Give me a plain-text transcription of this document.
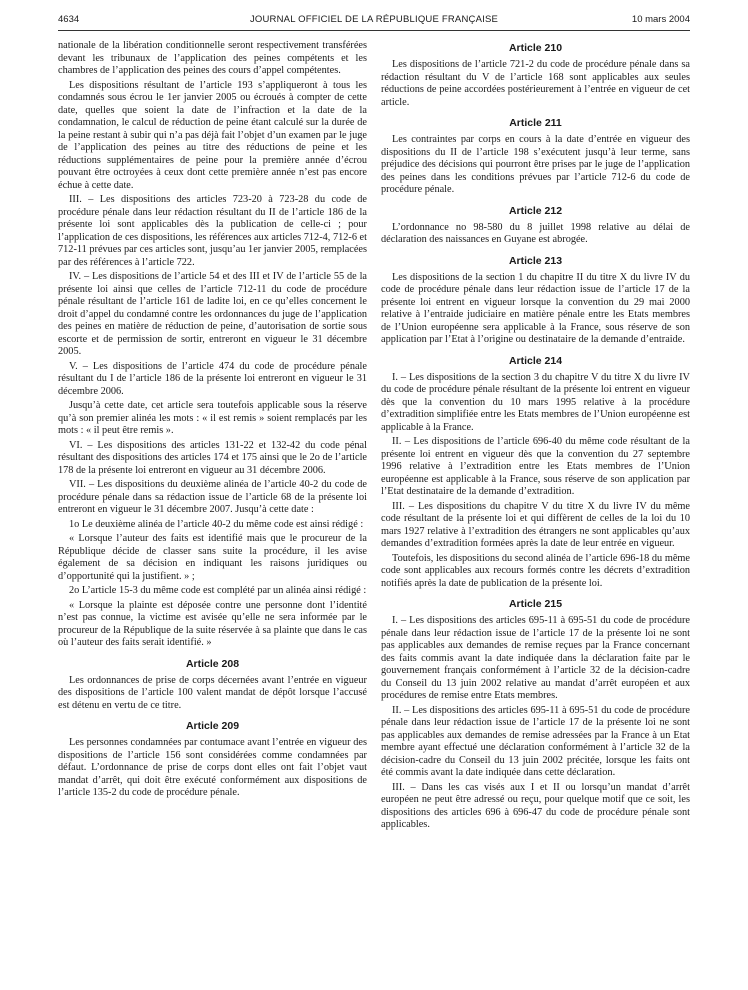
4634	JOURNAL OFFICIEL DE LA RÉPUBLIQUE FRANÇAISE	10 mars 2004

nationale de la libération conditionnelle seront respectivement transférées devant les tribunaux de l’application des peines compétents et les chambres de l’application des peines des cours d’appel compétentes.

Les dispositions résultant de l’article 193 s’appliqueront à tous les condamnés sous écrou le 1er janvier 2005 ou écroués à compter de cette date, quelles que soient la date de l’infraction et la date de la condamnation, le calcul de réduction de peine étant calculé sur la durée de la peine restant à subir qui n’a pas déjà fait l’objet d’un examen par le juge de l’application des peines au titre des réductions de peine et les réductions supplémentaires de peine pour la première année d’écrou pouvant être octroyées à ceux dont cette première année n’est pas encore échue à cette date.

III. – Les dispositions des articles 723-20 à 723-28 du code de procédure pénale dans leur rédaction résultant du II de l’article 186 de la présente loi sont applicables dès la publication de celle-ci ; pour l’application de ces dispositions, les références aux articles 712-4, 712-6 et 712-11 prévues par ces articles sont, jusqu’au 1er janvier 2005, remplacées par des références à l’article 722.

IV. – Les dispositions de l’article 54 et des III et IV de l’article 55 de la présente loi ainsi que celles de l’article 712-11 du code de procédure pénale résultant de l’article 161 de ladite loi, en ce qu’elles concernent le droit d’appel du condamné contre les ordonnances du juge de l’application des peines en matière de réduction de peine, d’autorisation de sortie sous escorte et de permission de sortir, entreront en vigueur le 31 décembre 2005.

V. – Les dispositions de l’article 474 du code de procédure pénale résultant du I de l’article 186 de la présente loi entreront en vigueur le 31 décembre 2006.

Jusqu’à cette date, cet article sera toutefois applicable sous la réserve qu’à son premier alinéa les mots : « il est remis » soient remplacés par les mots : « il peut être remis ».

VI. – Les dispositions des articles 131-22 et 132-42 du code pénal résultant des dispositions des articles 174 et 175 ainsi que le 2o de l’article 178 de la présente loi entreront en vigueur au 31 décembre 2006.

VII. – Les dispositions du deuxième alinéa de l’article 40-2 du code de procédure pénale dans sa rédaction issue de l’article 68 de la présente loi entreront en vigueur le 31 décembre 2007. Jusqu’à cette date :

1o Le deuxième alinéa de l’article 40-2 du même code est ainsi rédigé :

« Lorsque l’auteur des faits est identifié mais que le procureur de la République décide de classer sans suite la procédure, il les avise également de sa décision en indiquant les raisons juridiques ou d’opportunité qui la justifient. » ;

2o L’article 15-3 du même code est complété par un alinéa ainsi rédigé :

« Lorsque la plainte est déposée contre une personne dont l’identité n’est pas connue, la victime est avisée qu’elle ne sera informée par le procureur de la République de la suite réservée à sa plainte que dans le cas où l’auteur des faits serait identifié. »

Article 208

Les ordonnances de prise de corps décernées avant l’entrée en vigueur des dispositions de l’article 100 valent mandat de dépôt lorsque l’accusé est détenu en vertu de ce titre.

Article 209

Les personnes condamnées par contumace avant l’entrée en vigueur des dispositions de l’article 156 sont considérées comme condamnées par défaut. L’ordonnance de prise de corps dont elles ont fait l’objet vaut mandat d’arrêt, qui doit être exécuté conformément aux dispositions de l’article 135-2 du code de procédure pénale.

Article 210

Les dispositions de l’article 721-2 du code de procédure pénale dans sa rédaction résultant du V de l’article 168 sont applicables aux seules réductions de peine accordées postérieurement à l’entrée en vigueur de cet article.

Article 211

Les contraintes par corps en cours à la date d’entrée en vigueur des dispositions du II de l’article 198 s’exécutent jusqu’à leur terme, sans préjudice des décisions qui pourront être prises par le juge de l’application des peines dans les conditions prévues par l’article 712-6 du code de procédure pénale.

Article 212

L’ordonnance no 98-580 du 8 juillet 1998 relative au délai de déclaration des naissances en Guyane est abrogée.

Article 213

Les dispositions de la section 1 du chapitre II du titre X du livre IV du code de procédure pénale dans leur rédaction issue de l’article 17 de la présente loi entrent en vigueur lorsque la convention du 29 mai 2000 relative à l’entraide judiciaire en matière pénale entre les Etats membres de l’Union européenne sera applicable à la France, sous réserve de son application par l’Etat à l’origine ou destinataire de la demande d’entraide.

Article 214

I. – Les dispositions de la section 3 du chapitre V du titre X du livre IV du code de procédure pénale résultant de la présente loi entrent en vigueur dès que la convention du 10 mars 1995 relative à la procédure d’extradition simplifiée entre les Etats membres de l’Union européenne est applicable à la France.

II. – Les dispositions de l’article 696-40 du même code résultant de la présente loi entrent en vigueur dès que la convention du 27 septembre 1996 relative à l’extradition entre les Etats membres de l’Union européenne est applicable à la France, sous réserve de son application par l’Etat destinataire de la demande d’extradition.

III. – Les dispositions du chapitre V du titre X du livre IV du même code résultant de la présente loi et qui diffèrent de celles de la loi du 10 mars 1927 relative à l’extradition des étrangers ne sont applicables qu’aux demandes d’extradition formées après la date de leur entrée en vigueur.

Toutefois, les dispositions du second alinéa de l’article 696-18 du même code sont applicables aux recours formés contre les décrets d’extradition notifiés après la date de publication de la présente loi.

Article 215

I. – Les dispositions des articles 695-11 à 695-51 du code de procédure pénale dans leur rédaction issue de l’article 17 de la présente loi ne sont pas applicables aux demandes de remise reçues par la France concernant des faits commis avant la date indiquée dans la déclaration faite par le gouvernement français conformément à l’article 32 de la décision-cadre du Conseil du 13 juin 2002 relative au mandat d’arrêt européen et aux procédures de remise entre Etats membres.

II. – Les dispositions des articles 695-11 à 695-51 du code de procédure pénale dans leur rédaction issue de l’article 17 de la présente loi ne sont pas applicables aux demandes de remise adressées par la France à un Etat membre ayant effectué une déclaration conformément à l’article 32 de la décision-cadre du Conseil du 13 juin 2002 précitée, lorsque les faits ont été commis avant la date indiquée dans cette déclaration.

III. – Dans les cas visés aux I et II ou lorsqu’un mandat d’arrêt européen ne peut être adressé ou reçu, pour quelque motif que ce soit, les dispositions des articles 696 à 696-47 du code de procédure pénale sont applicables.
